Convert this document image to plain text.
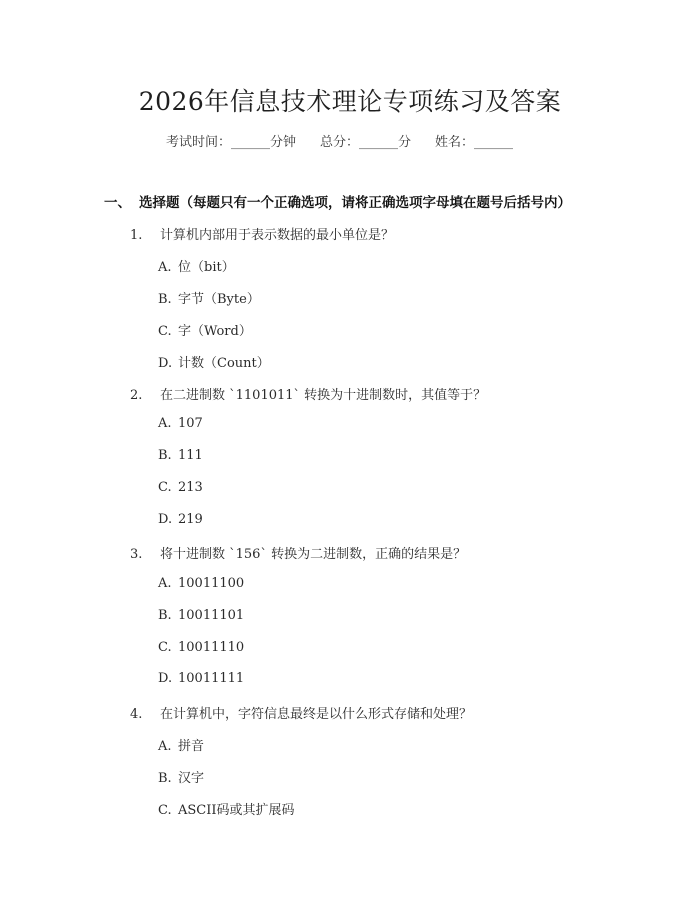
2026年信息技术理论专项练习及答案
考试时间：______分钟 总分：______分 姓名：______
一、 选择题（每题只有一个正确选项，请将正确选项字母填在题号后括号内）
1. 计算机内部用于表示数据的最小单位是？
A. 位（bit）
B. 字节（Byte）
C. 字（Word）
D. 计数（Count）
2. 在二进制数 `1101011` 转换为十进制数时，其值等于？
A. 107
B. 111
C. 213
D. 219
3. 将十进制数 `156` 转换为二进制数，正确的结果是？
A. 10011100
B. 10011101
C. 10011110
D. 10011111
4. 在计算机中，字符信息最终是以什么形式存储和处理？
A. 拼音
B. 汉字
C. ASCII码或其扩展码
